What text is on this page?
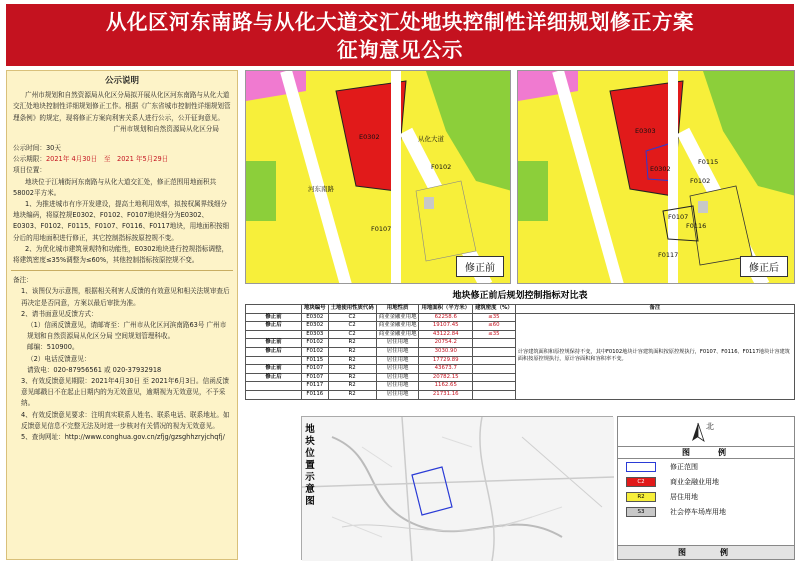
从化区河东南路与从化大道交汇处地块控制性详细规划修正方案
征询意见公示
公示说明
广州市规划和自然资源局从化区分局拟开展从化区河东南路与从化大道交汇处地块控制性详细规划修正工作。根据《广东省城市控制性详细规划管理条例》的规定，现将修正方案向利害关系人进行公示，公开征询意见。
广州市规划和自然资源局从化区分局
公示时间：30天
公示期限：2021年 4月30日　 至　 2021 年5月29日
项目位置：
地块位于江埔街河东南路与从化大道交汇处，修正范围用地面积共58002平方米。
1、为推进城市有序开发建设，提高土地利用效率，拟按权属界线细分地块编码，将原控规E0302、F0102、F0107地块细分为E0302、E0303、F0102、F0115、F0107、F0116、F0117地块，用地面积按细分后的用地面积进行修正，其它控制指标按原控规不变。
2、为优化城市建筑景观特和功能性，E0302地块进行控规指标调整，将建筑密度≤35%调整为≤60%，其他控制指标按原控规不变。
备注：
1、该图仅为示意图，根据相关利害人反馈的有效意见和相关法规审查后再决定是否同意，方案以最后审批为准。
2、请书面意见反馈方式：
（1）信函反馈意见，请邮寄至：广州市从化区河滨南路63号 广州市规划和自然资源局从化区分局 空间规划管理科收。
邮编：510900。
（2）电话反馈意见：
请致电：020-87956561 或 020-37932918
3、有效反馈意见期限：2021年4月30日 至 2021年6月3日。信函反馈意见邮戳日不在起止日期内的为无效意见，逾期视为无效意见，不予采纳。
4、有效反馈意见要求：注明真实联系人姓名、联系电话、联系地址。如反馈意见信息不完整无法及时进一步核对有关情况的视为无效意见。
5、查询网址：http://www.conghua.gov.cn/zfjg/gzsghhzryjchqfj/
E0302
F0102
F0107
河东南路
从化大道
修正前
E0303
E0302
F0115
F0102
F0107
F0116
F0117
修正后
地块修正前后规划控制指标对比表
	地块编号	土地使用性质代码	用地性质	用地面积（平方米）	建筑密度（%）	备注
修正前	E0302	C2	商业金融业用地	62258.6	≤35	计容建筑面积和原控规保持不变，其中F0102地块计容建筑面积按原控规执行，F0107、F0116、F0117地块计容建筑面积按原控规执行，原计容面积和容积率不变。
修正后	E0302	C2	商业金融业用地	19107.45	≤60	
	E0303	C2	商业金融业用地	43122.84	≤35	
修正前	F0102	R2	居住用地	20754.2		
修正后	F0102	R2	居住用地	3030.90		
	F0115	R2	居住用地	17729.89		
修正前	F0107	R2	居住用地	43673.7		
修正后	F0107	R2	居住用地	20782.15		
	F0117	R2	居住用地	1162.65		
	F0116	R2	居住用地	21731.16		
地块位置示意图
北
图　　例
修正范围
C2	商业金融业用地
R2	居住用地
S3	社会停车场库用地
图　　例
